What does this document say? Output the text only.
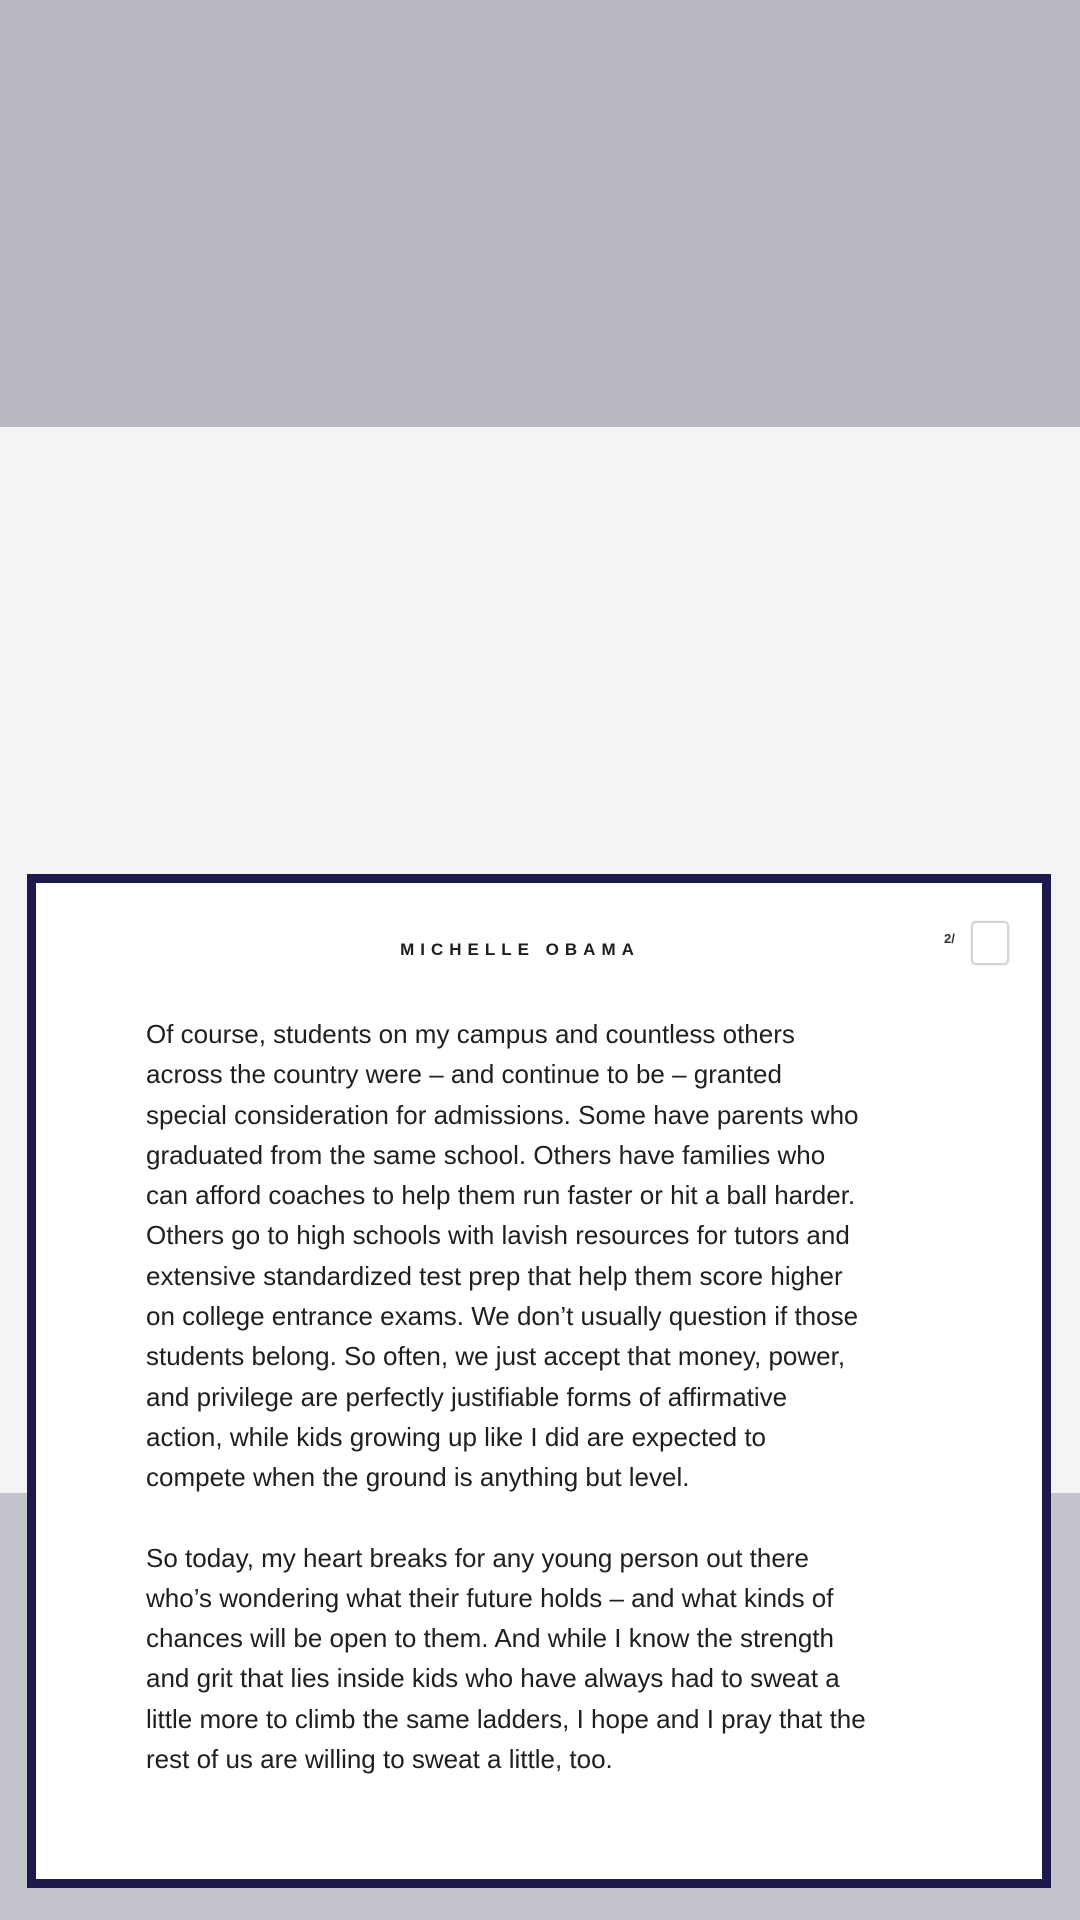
MICHELLE OBAMA
2/

Of course, students on my campus and countless others
across the country were – and continue to be – granted
special consideration for admissions. Some have parents who
graduated from the same school. Others have families who
can afford coaches to help them run faster or hit a ball harder.
Others go to high schools with lavish resources for tutors and
extensive standardized test prep that help them score higher
on college entrance exams. We don’t usually question if those
students belong. So often, we just accept that money, power,
and privilege are perfectly justifiable forms of affirmative
action, while kids growing up like I did are expected to
compete when the ground is anything but level.

So today, my heart breaks for any young person out there
who’s wondering what their future holds – and what kinds of
chances will be open to them. And while I know the strength
and grit that lies inside kids who have always had to sweat a
little more to climb the same ladders, I hope and I pray that the
rest of us are willing to sweat a little, too.
